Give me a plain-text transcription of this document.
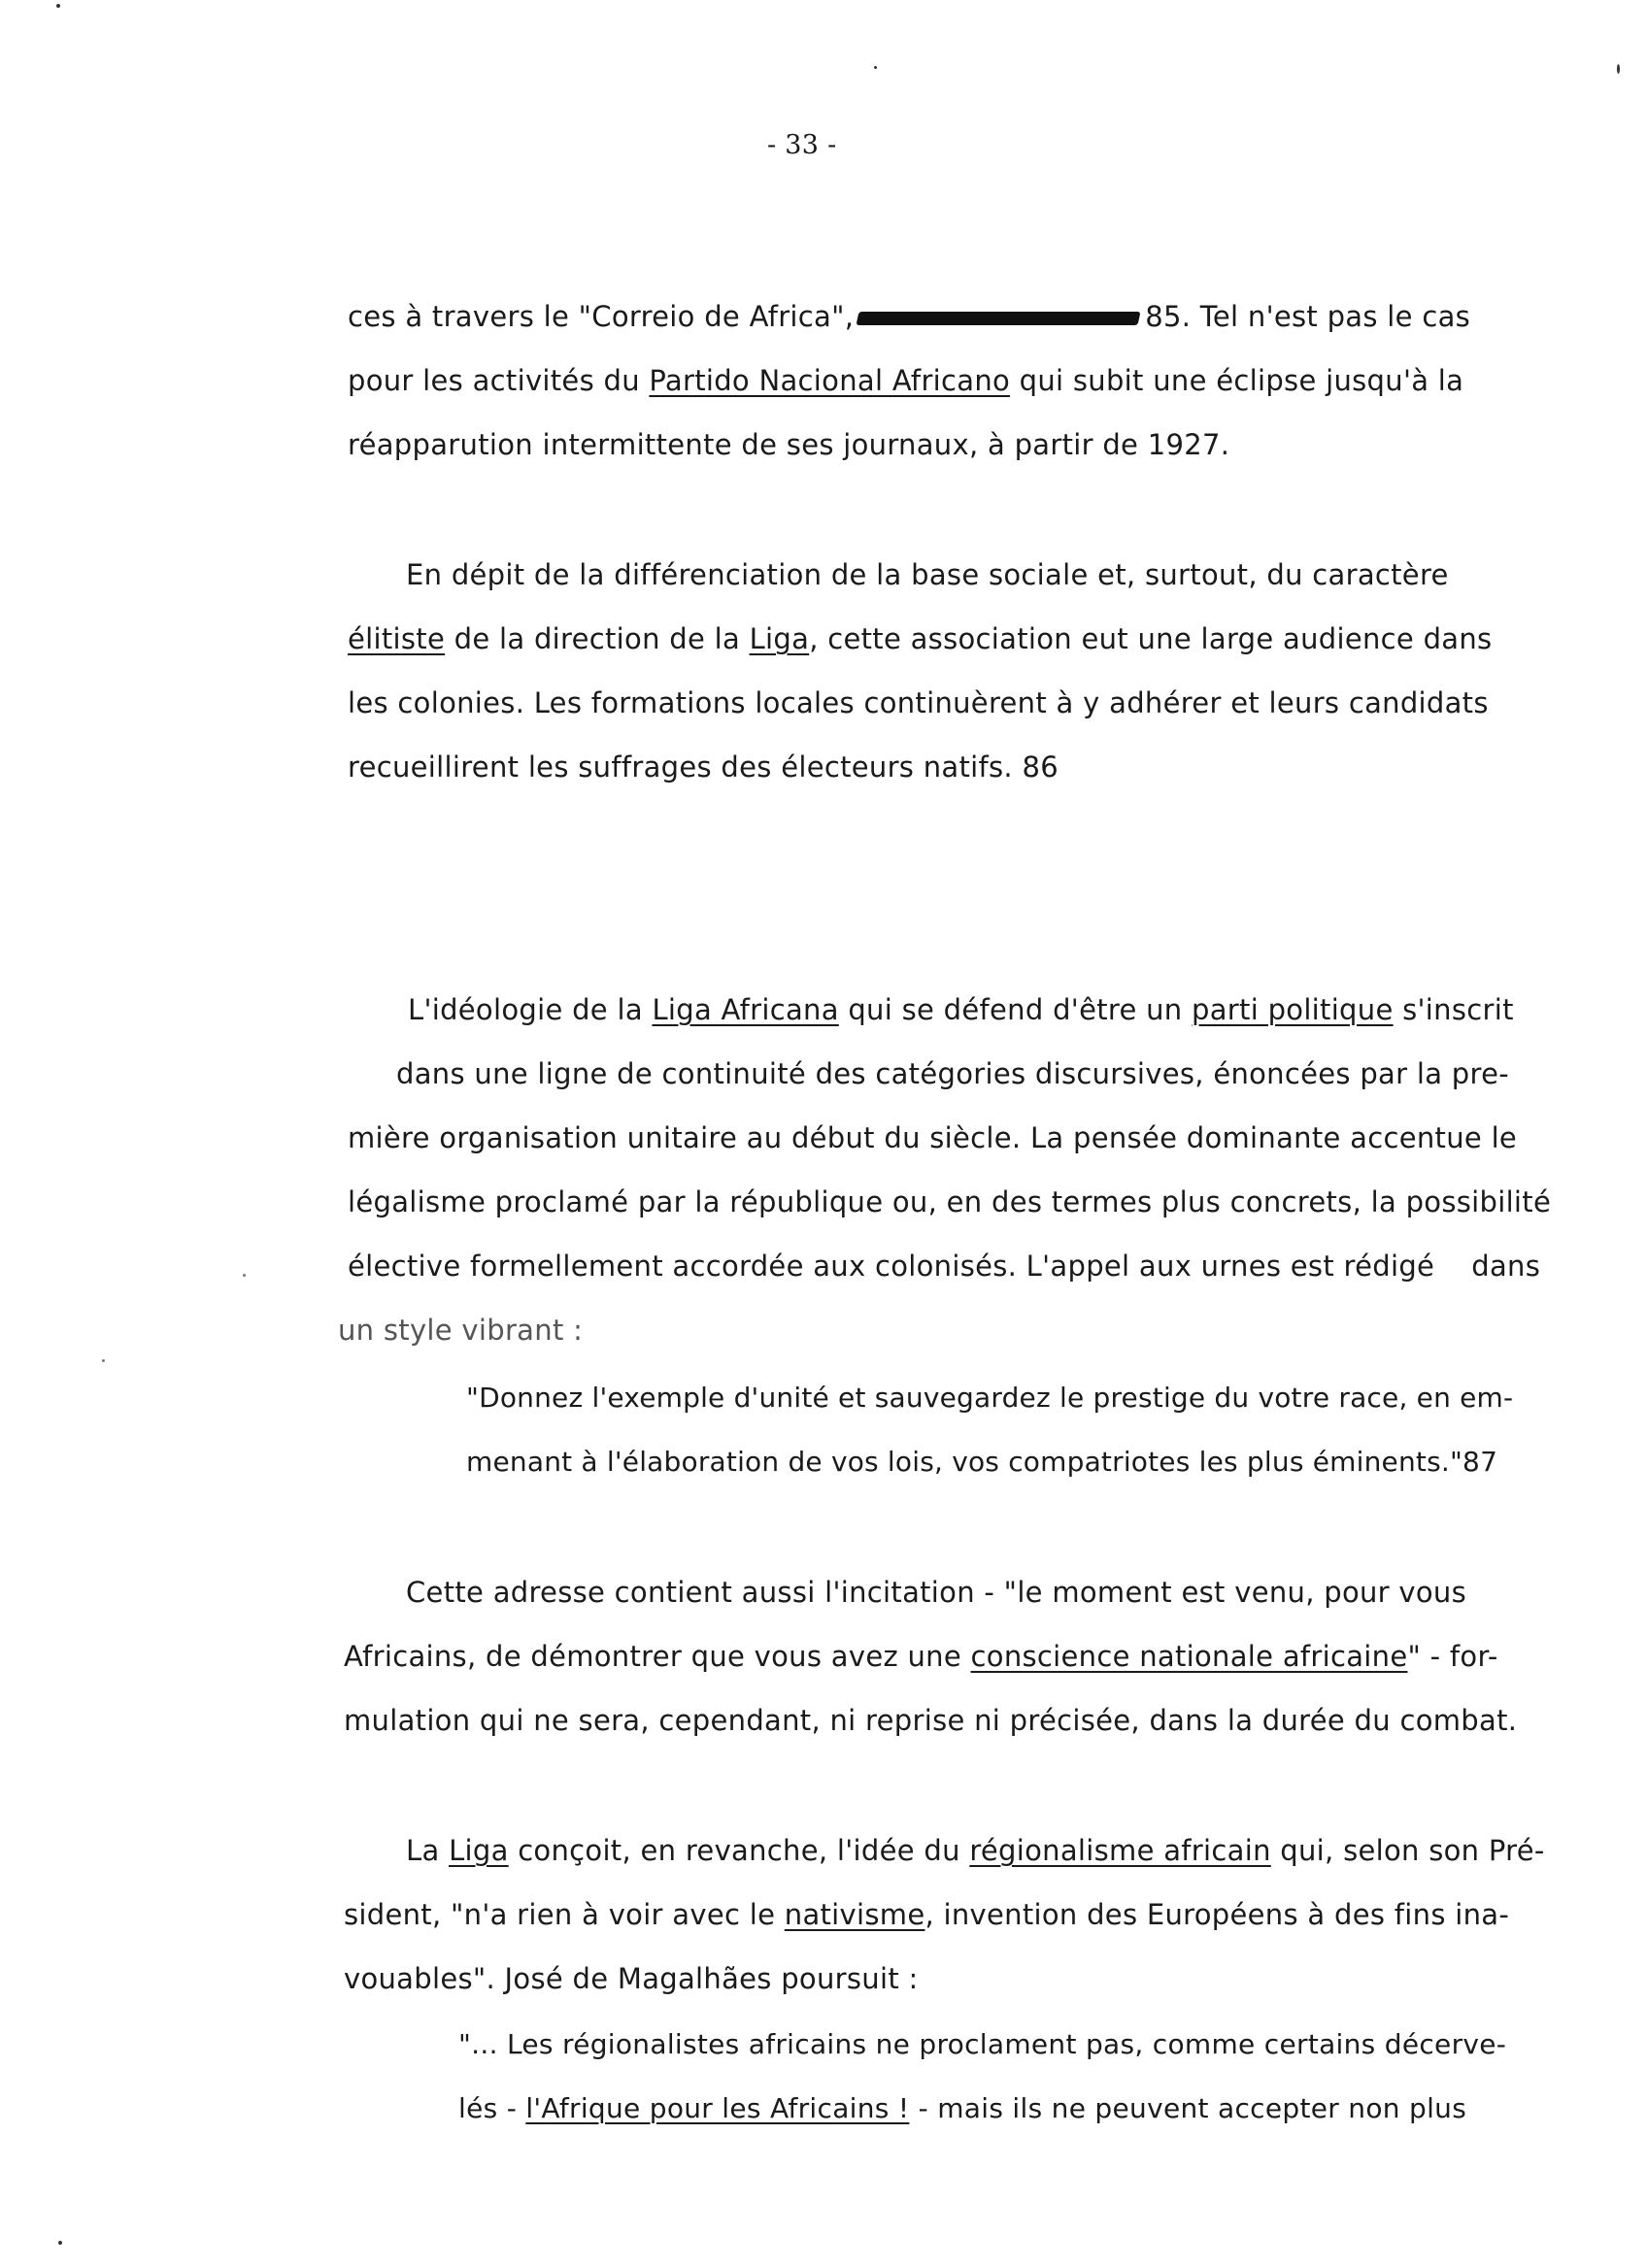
- 33 -
ces à travers le "Correio de Africa",	85. Tel n'est pas le cas
pour les activités du Partido Nacional Africano qui subit une éclipse jusqu'à la
réapparution intermittente de ses journaux, à partir de 1927.
En dépit de la différenciation de la base sociale et, surtout, du caractère
élitiste de la direction de la Liga, cette association eut une large audience dans
les colonies. Les formations locales continuèrent à y adhérer et leurs candidats
recueillirent les suffrages des électeurs natifs. 86

L'idéologie de la Liga Africana qui se défend d'être un parti politique s'inscrit
dans une ligne de continuité des catégories discursives, énoncées par la pre-
mière organisation unitaire au début du siècle. La pensée dominante accentue le
légalisme proclamé par la république ou, en des termes plus concrets, la possibilité
élective formellement accordée aux colonisés. L'appel aux urnes est rédigé    dans
un style vibrant :
"Donnez l'exemple d'unité et sauvegardez le prestige du votre race, en em-
menant à l'élaboration de vos lois, vos compatriotes les plus éminents."87
Cette adresse contient aussi l'incitation - "le moment est venu, pour vous
Africains, de démontrer que vous avez une conscience nationale africaine" - for-
mulation qui ne sera, cependant, ni reprise ni précisée, dans la durée du combat.
La Liga conçoit, en revanche, l'idée du régionalisme africain qui, selon son Pré-
sident, "n'a rien à voir avec le nativisme, invention des Européens à des fins ina-
vouables". José de Magalhães poursuit :
"... Les régionalistes africains ne proclament pas, comme certains décerve-
lés - l'Afrique pour les Africains ! - mais ils ne peuvent accepter non plus
